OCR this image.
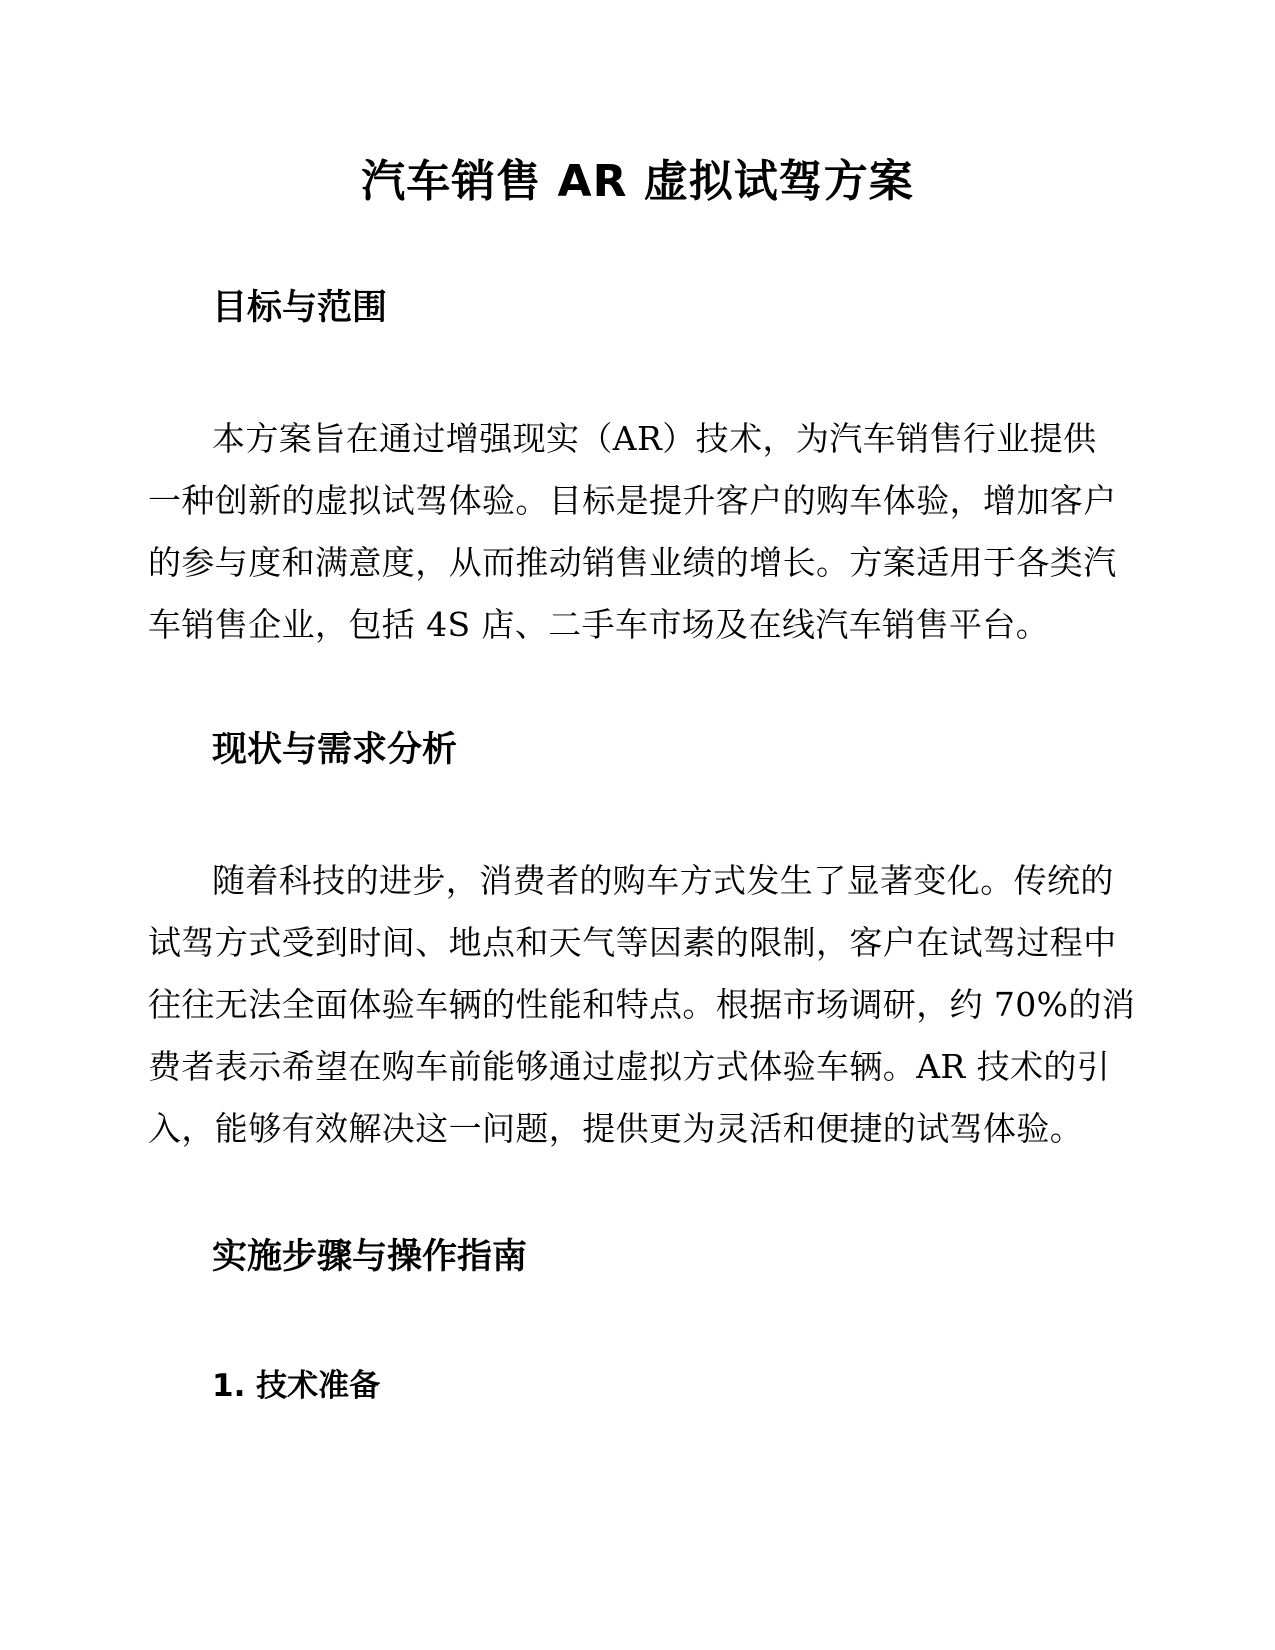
汽车销售 AR 虚拟试驾方案
目标与范围
本方案旨在通过增强现实（AR）技术，为汽车销售行业提供
一种创新的虚拟试驾体验。目标是提升客户的购车体验，增加客户
的参与度和满意度，从而推动销售业绩的增长。方案适用于各类汽
车销售企业，包括 4S 店、二手车市场及在线汽车销售平台。
现状与需求分析
随着科技的进步，消费者的购车方式发生了显著变化。传统的
试驾方式受到时间、地点和天气等因素的限制，客户在试驾过程中
往往无法全面体验车辆的性能和特点。根据市场调研，约 70%的消
费者表示希望在购车前能够通过虚拟方式体验车辆。AR 技术的引
入，能够有效解决这一问题，提供更为灵活和便捷的试驾体验。
实施步骤与操作指南
1. 技术准备
